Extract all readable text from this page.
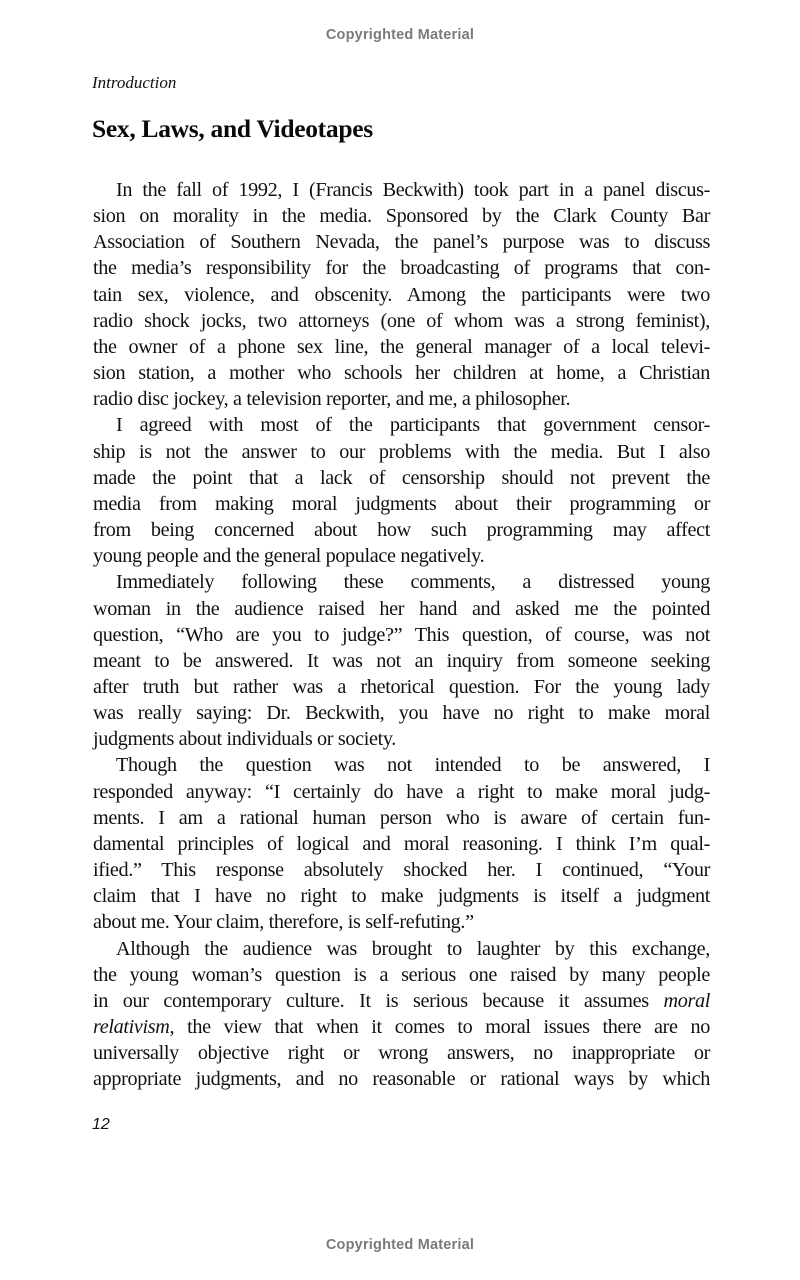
Copyrighted Material
Introduction
Sex, Laws, and Videotapes
In the fall of 1992, I (Francis Beckwith) took part in a panel discus-
sion on morality in the media. Sponsored by the Clark County Bar
Association of Southern Nevada, the panel’s purpose was to discuss
the media’s responsibility for the broadcasting of programs that con-
tain sex, violence, and obscenity. Among the participants were two
radio shock jocks, two attorneys (one of whom was a strong feminist),
the owner of a phone sex line, the general manager of a local televi-
sion station, a mother who schools her children at home, a Christian
radio disc jockey, a television reporter, and me, a philosopher.
I agreed with most of the participants that government censor-
ship is not the answer to our problems with the media. But I also
made the point that a lack of censorship should not prevent the
media from making moral judgments about their programming or
from being concerned about how such programming may affect
young people and the general populace negatively.
Immediately following these comments, a distressed young
woman in the audience raised her hand and asked me the pointed
question, “Who are you to judge?” This question, of course, was not
meant to be answered. It was not an inquiry from someone seeking
after truth but rather was a rhetorical question. For the young lady
was really saying: Dr. Beckwith, you have no right to make moral
judgments about individuals or society.
Though the question was not intended to be answered, I
responded anyway: “I certainly do have a right to make moral judg-
ments. I am a rational human person who is aware of certain fun-
damental principles of logical and moral reasoning. I think I’m qual-
ified.” This response absolutely shocked her. I continued, “Your
claim that I have no right to make judgments is itself a judgment
about me. Your claim, therefore, is self-refuting.”
Although the audience was brought to laughter by this exchange,
the young woman’s question is a serious one raised by many people
in our contemporary culture. It is serious because it assumes moral
relativism, the view that when it comes to moral issues there are no
universally objective right or wrong answers, no inappropriate or
appropriate judgments, and no reasonable or rational ways by which
12
Copyrighted Material
